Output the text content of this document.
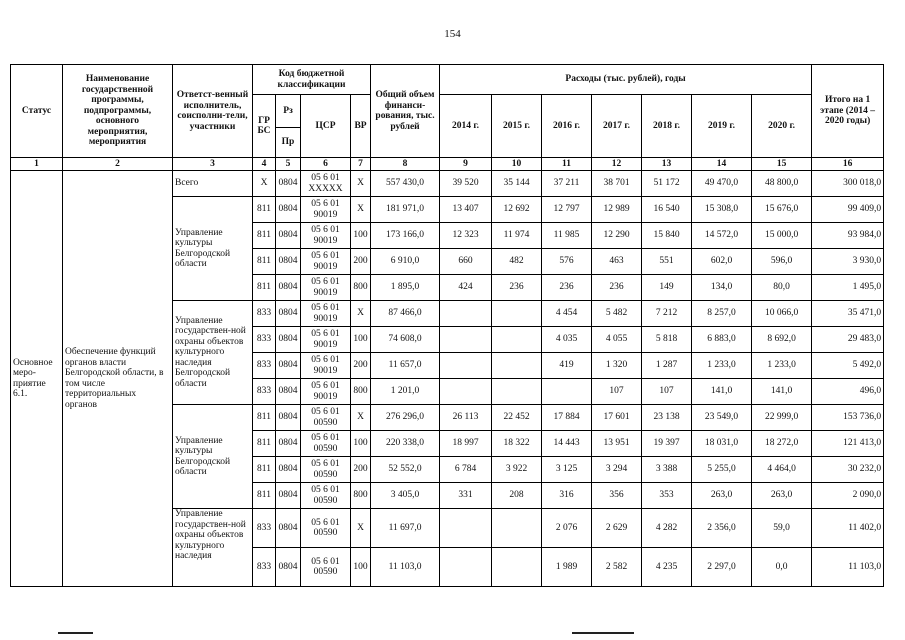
154
Статус	Наименование государственной программы, подпрограммы, основного мероприятия, мероприятия	Ответст-венный исполнитель, соисполни-тели, участники	Код бюджетной классификации				Общий объем финанси-рования, тыс. рублей	Расходы (тыс. рублей), годы							Итого на 1 этапе (2014 – 2020 годы)
			ГР БС	Рз	ЦСР	ВР		2014 г.	2015 г.	2016 г.	2017 г.	2018 г.	2019 г.	2020 г.	
				Пр											
1	2	3	4	5	6	7	8	9	10	11	12	13	14	15	16
Основное меро-приятие 6.1.	Обеспечение функций органов власти Белгородской области, в том числе территориальных органов	Всего	X	0804	05 6 01 XXXXX	X	557 430,0	39 520	35 144	37 211	38 701	51 172	49 470,0	48 800,0	300 018,0
		Управление культуры Белгородской области	811	0804	05 6 01 90019	X	181 971,0	13 407	12 692	12 797	12 989	16 540	15 308,0	15 676,0	99 409,0
			811	0804	05 6 01 90019	100	173 166,0	12 323	11 974	11 985	12 290	15 840	14 572,0	15 000,0	93 984,0
			811	0804	05 6 01 90019	200	6 910,0	660	482	576	463	551	602,0	596,0	3 930,0
			811	0804	05 6 01 90019	800	1 895,0	424	236	236	236	149	134,0	80,0	1 495,0
		Управление государствен-ной охраны объектов культурного наследия Белгородской области	833	0804	05 6 01 90019	X	87 466,0			4 454	5 482	7 212	8 257,0	10 066,0	35 471,0
			833	0804	05 6 01 90019	100	74 608,0			4 035	4 055	5 818	6 883,0	8 692,0	29 483,0
			833	0804	05 6 01 90019	200	11 657,0			419	1 320	1 287	1 233,0	1 233,0	5 492,0
			833	0804	05 6 01 90019	800	1 201,0				107	107	141,0	141,0	496,0
		Управление культуры Белгородской области	811	0804	05 6 01 00590	X	276 296,0	26 113	22 452	17 884	17 601	23 138	23 549,0	22 999,0	153 736,0
			811	0804	05 6 01 00590	100	220 338,0	18 997	18 322	14 443	13 951	19 397	18 031,0	18 272,0	121 413,0
			811	0804	05 6 01 00590	200	52 552,0	6 784	3 922	3 125	3 294	3 388	5 255,0	4 464,0	30 232,0
			811	0804	05 6 01 00590	800	3 405,0	331	208	316	356	353	263,0	263,0	2 090,0
		Управление государствен-ной охраны объектов культурного наследия	833	0804	05 6 01 00590	X	11 697,0			2 076	2 629	4 282	2 356,0	59,0	11 402,0
			833	0804	05 6 01 00590	100	11 103,0			1 989	2 582	4 235	2 297,0	0,0	11 103,0
